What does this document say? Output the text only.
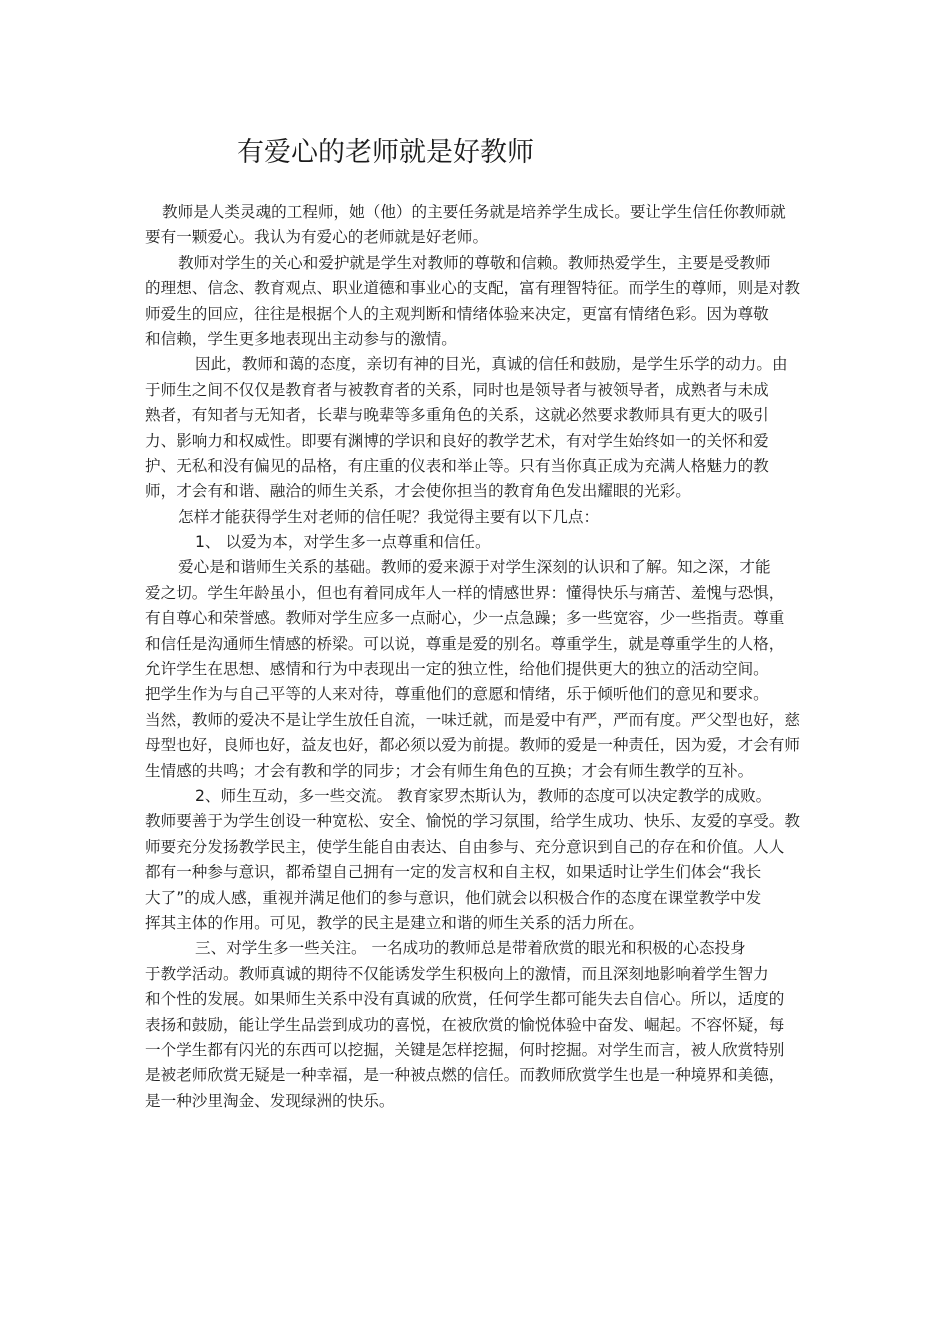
有爱心的老师就是好教师
教师是人类灵魂的工程师，她（他）的主要任务就是培养学生成长。要让学生信任你教师就
要有一颗爱心。我认为有爱心的老师就是好老师。
教师对学生的关心和爱护就是学生对教师的尊敬和信赖。教师热爱学生，主要是受教师
的理想、信念、教育观点、职业道德和事业心的支配，富有理智特征。而学生的尊师，则是对教
师爱生的回应，往往是根据个人的主观判断和情绪体验来决定，更富有情绪色彩。因为尊敬
和信赖，学生更多地表现出主动参与的激情。
因此，教师和蔼的态度，亲切有神的目光，真诚的信任和鼓励，是学生乐学的动力。由
于师生之间不仅仅是教育者与被教育者的关系，同时也是领导者与被领导者，成熟者与未成
熟者，有知者与无知者，长辈与晚辈等多重角色的关系，这就必然要求教师具有更大的吸引
力、影响力和权威性。即要有渊博的学识和良好的教学艺术，有对学生始终如一的关怀和爱
护、无私和没有偏见的品格，有庄重的仪表和举止等。只有当你真正成为充满人格魅力的教
师，才会有和谐、融洽的师生关系，才会使你担当的教育角色发出耀眼的光彩。
怎样才能获得学生对老师的信任呢？我觉得主要有以下几点：
1、 以爱为本，对学生多一点尊重和信任。
爱心是和谐师生关系的基础。教师的爱来源于对学生深刻的认识和了解。知之深，才能
爱之切。学生年龄虽小，但也有着同成年人一样的情感世界：懂得快乐与痛苦、羞愧与恐惧，
有自尊心和荣誉感。教师对学生应多一点耐心，少一点急躁；多一些宽容，少一些指责。尊重
和信任是沟通师生情感的桥梁。可以说，尊重是爱的别名。尊重学生，就是尊重学生的人格，
允许学生在思想、感情和行为中表现出一定的独立性，给他们提供更大的独立的活动空间。
把学生作为与自己平等的人来对待，尊重他们的意愿和情绪，乐于倾听他们的意见和要求。
当然，教师的爱决不是让学生放任自流，一味迁就，而是爱中有严，严而有度。严父型也好，慈
母型也好，良师也好，益友也好，都必须以爱为前提。教师的爱是一种责任，因为爱，才会有师
生情感的共鸣；才会有教和学的同步；才会有师生角色的互换；才会有师生教学的互补。
2、师生互动，多一些交流。 教育家罗杰斯认为，教师的态度可以决定教学的成败。
教师要善于为学生创设一种宽松、安全、愉悦的学习氛围，给学生成功、快乐、友爱的享受。教
师要充分发扬教学民主，使学生能自由表达、自由参与、充分意识到自己的存在和价值。人人
都有一种参与意识，都希望自己拥有一定的发言权和自主权，如果适时让学生们体会“我长
大了”的成人感，重视并满足他们的参与意识，他们就会以积极合作的态度在课堂教学中发
挥其主体的作用。可见，教学的民主是建立和谐的师生关系的活力所在。
三、对学生多一些关注。 一名成功的教师总是带着欣赏的眼光和积极的心态投身
于教学活动。教师真诚的期待不仅能诱发学生积极向上的激情，而且深刻地影响着学生智力
和个性的发展。如果师生关系中没有真诚的欣赏，任何学生都可能失去自信心。所以，适度的
表扬和鼓励，能让学生品尝到成功的喜悦，在被欣赏的愉悦体验中奋发、崛起。不容怀疑，每
一个学生都有闪光的东西可以挖掘，关键是怎样挖掘，何时挖掘。对学生而言，被人欣赏特别
是被老师欣赏无疑是一种幸福，是一种被点燃的信任。而教师欣赏学生也是一种境界和美德，
是一种沙里淘金、发现绿洲的快乐。
